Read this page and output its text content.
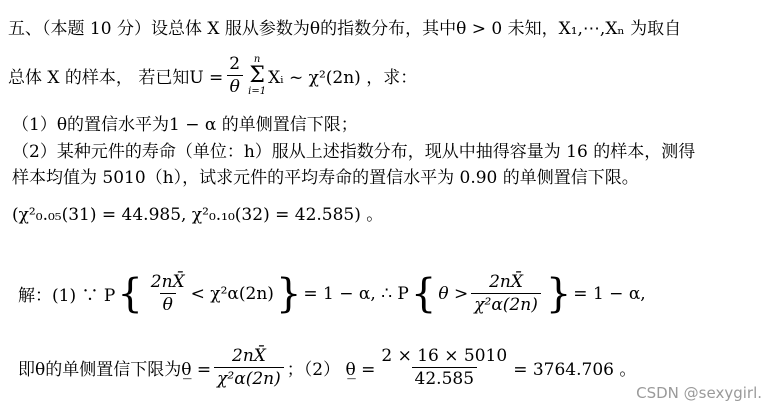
五、（本题 10 分）设总体 X 服从参数为θ的指数分布，其中θ > 0 未知，X₁,⋯,Xₙ 为取自
总体 X 的样本， 若已知$U = \frac{2}{\theta}$ n
Σ
i=1
Xᵢ ~ χ²(2n) ，求：
（1）θ的置信水平为1 − α 的单侧置信下限；
（2）某种元件的寿命（单位：h）服从上述指数分布，现从中抽得容量为 16 的样本，测得
样本均值为 5010（h），试求元件的平均寿命的置信水平为 0.90 的单侧置信下限。
(χ²₀.₀₅(31) = 44.985, χ²₀.₁₀(32) = 42.585) 。
解：(1) ∵ P { $\frac{2nX̄}{\theta} < \chi^2\alpha(2n)$ } = 1 − α, ∴ P { $\theta > \frac{2nX̄}{\text{χ²α(2n)}}$ } = 1 − α,
即θ的单侧置信下限为θ̲ = $\frac{2nX̄}{\text{χ²α(2n)}}$ ；（2） θ̲ = $\frac{2 \times 16 \times 5010}{42.585} = 3764.706$ 。
CSDN @sexygirl.
